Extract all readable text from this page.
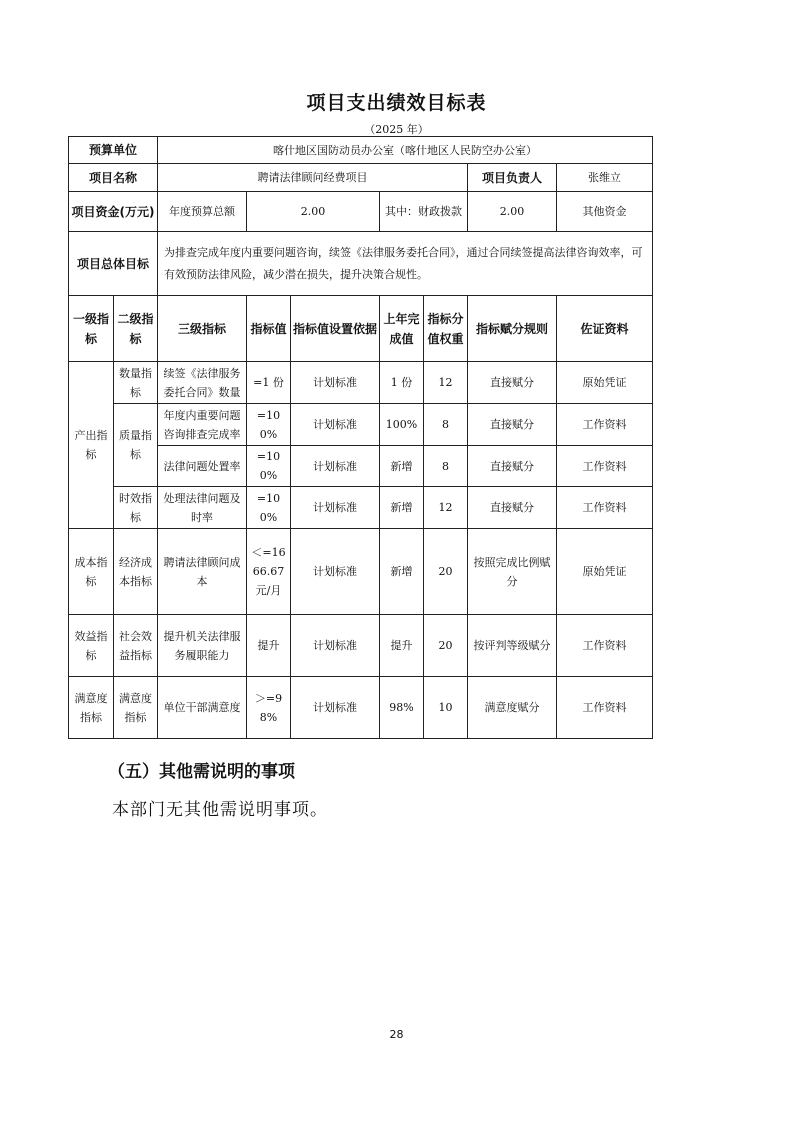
项目支出绩效目标表
（2025 年）
预算单位		喀什地区国防动员办公室（喀什地区人民防空办公室）						
项目名称		聘请法律顾问经费项目					项目负责人	张维立
项目资金(万元)		年度预算总额	2.00		其中：财政拨款		2.00	其他资金
项目总体目标		为排查完成年度内重要问题咨询，续签《法律服务委托合同》，通过合同续签提高法律咨询效率，可有效预防法律风险，减少潜在损失，提升决策合规性。						
一级指标	二级指标	三级指标	指标值	指标值设置依据	上年完成值	指标分值权重	指标赋分规则	佐证资料
产出指标	数量指标	续签《法律服务委托合同》数量	=1 份	计划标准	1 份	12	直接赋分	原始凭证
	质量指标	年度内重要问题咨询排查完成率	=100%	计划标准	100%	8	直接赋分	工作资料
		法律问题处置率	=100%	计划标准	新增	8	直接赋分	工作资料
	时效指标	处理法律问题及时率	=100%	计划标准	新增	12	直接赋分	工作资料
成本指标	经济成本指标	聘请法律顾问成本	＜=1666.67元/月	计划标准	新增	20	按照完成比例赋分	原始凭证
效益指标	社会效益指标	提升机关法律服务履职能力	提升	计划标准	提升	20	按评判等级赋分	工作资料
满意度指标	满意度指标	单位干部满意度	＞=98%	计划标准	98%	10	满意度赋分	工作资料
（五）其他需说明的事项
本部门无其他需说明事项。
28
